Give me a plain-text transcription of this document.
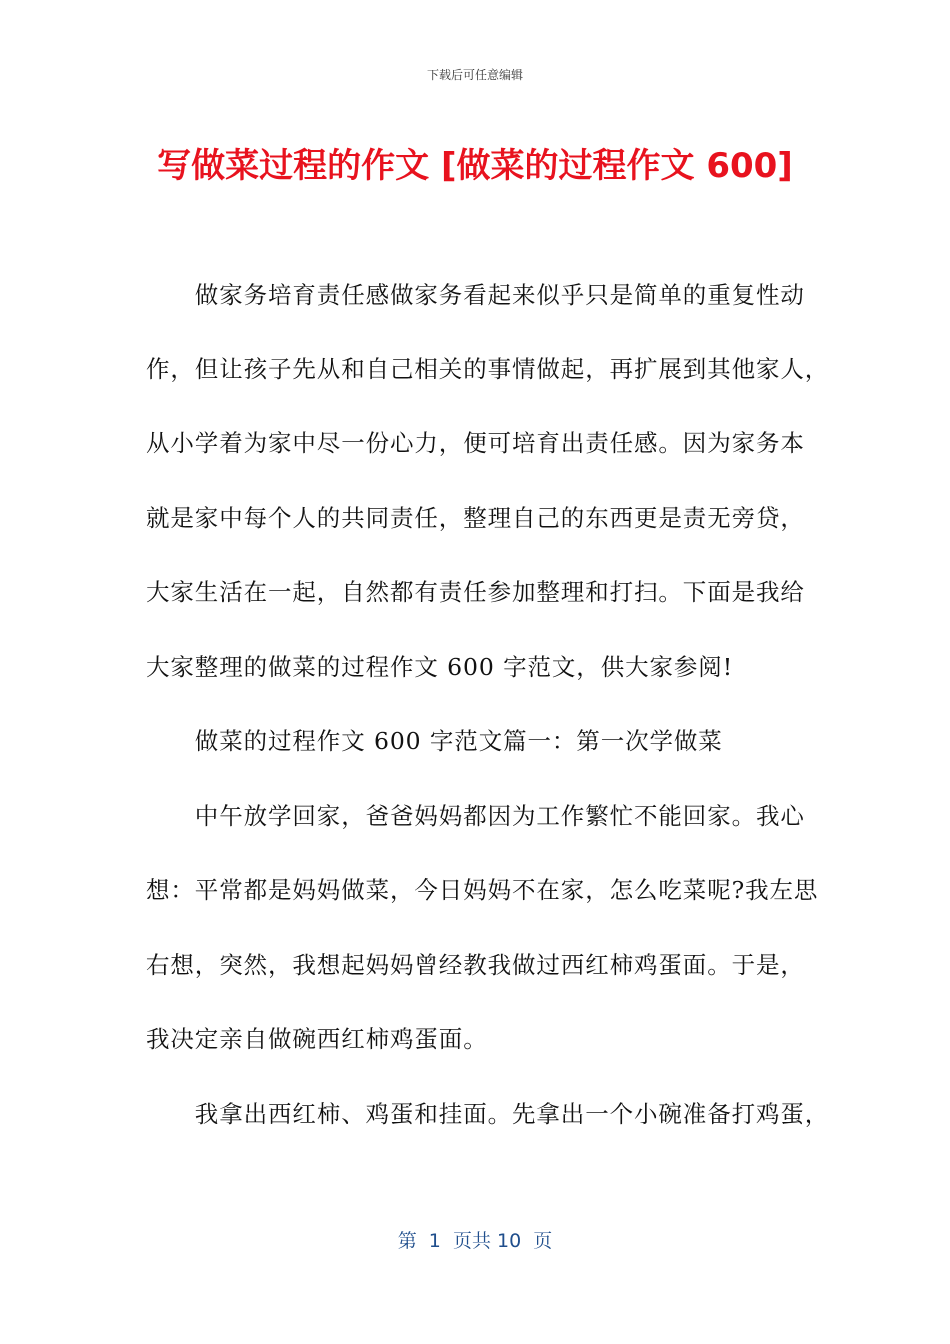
下载后可任意编辑
写做菜过程的作文 [做菜的过程作文 600]
　　做家务培育责任感做家务看起来似乎只是简单的重复性动
作，但让孩子先从和自己相关的事情做起，再扩展到其他家人，
从小学着为家中尽一份心力，便可培育出责任感。因为家务本
就是家中每个人的共同责任，整理自己的东西更是责无旁贷，
大家生活在一起，自然都有责任参加整理和打扫。下面是我给
大家整理的做菜的过程作文 600 字范文，供大家参阅!
　　做菜的过程作文 600 字范文篇一：第一次学做菜
　　中午放学回家，爸爸妈妈都因为工作繁忙不能回家。我心
想：平常都是妈妈做菜，今日妈妈不在家，怎么吃菜呢?我左思
右想，突然，我想起妈妈曾经教我做过西红柿鸡蛋面。于是，
我决定亲自做碗西红柿鸡蛋面。
　　我拿出西红柿、鸡蛋和挂面。先拿出一个小碗准备打鸡蛋，
第  1  页共 10  页
